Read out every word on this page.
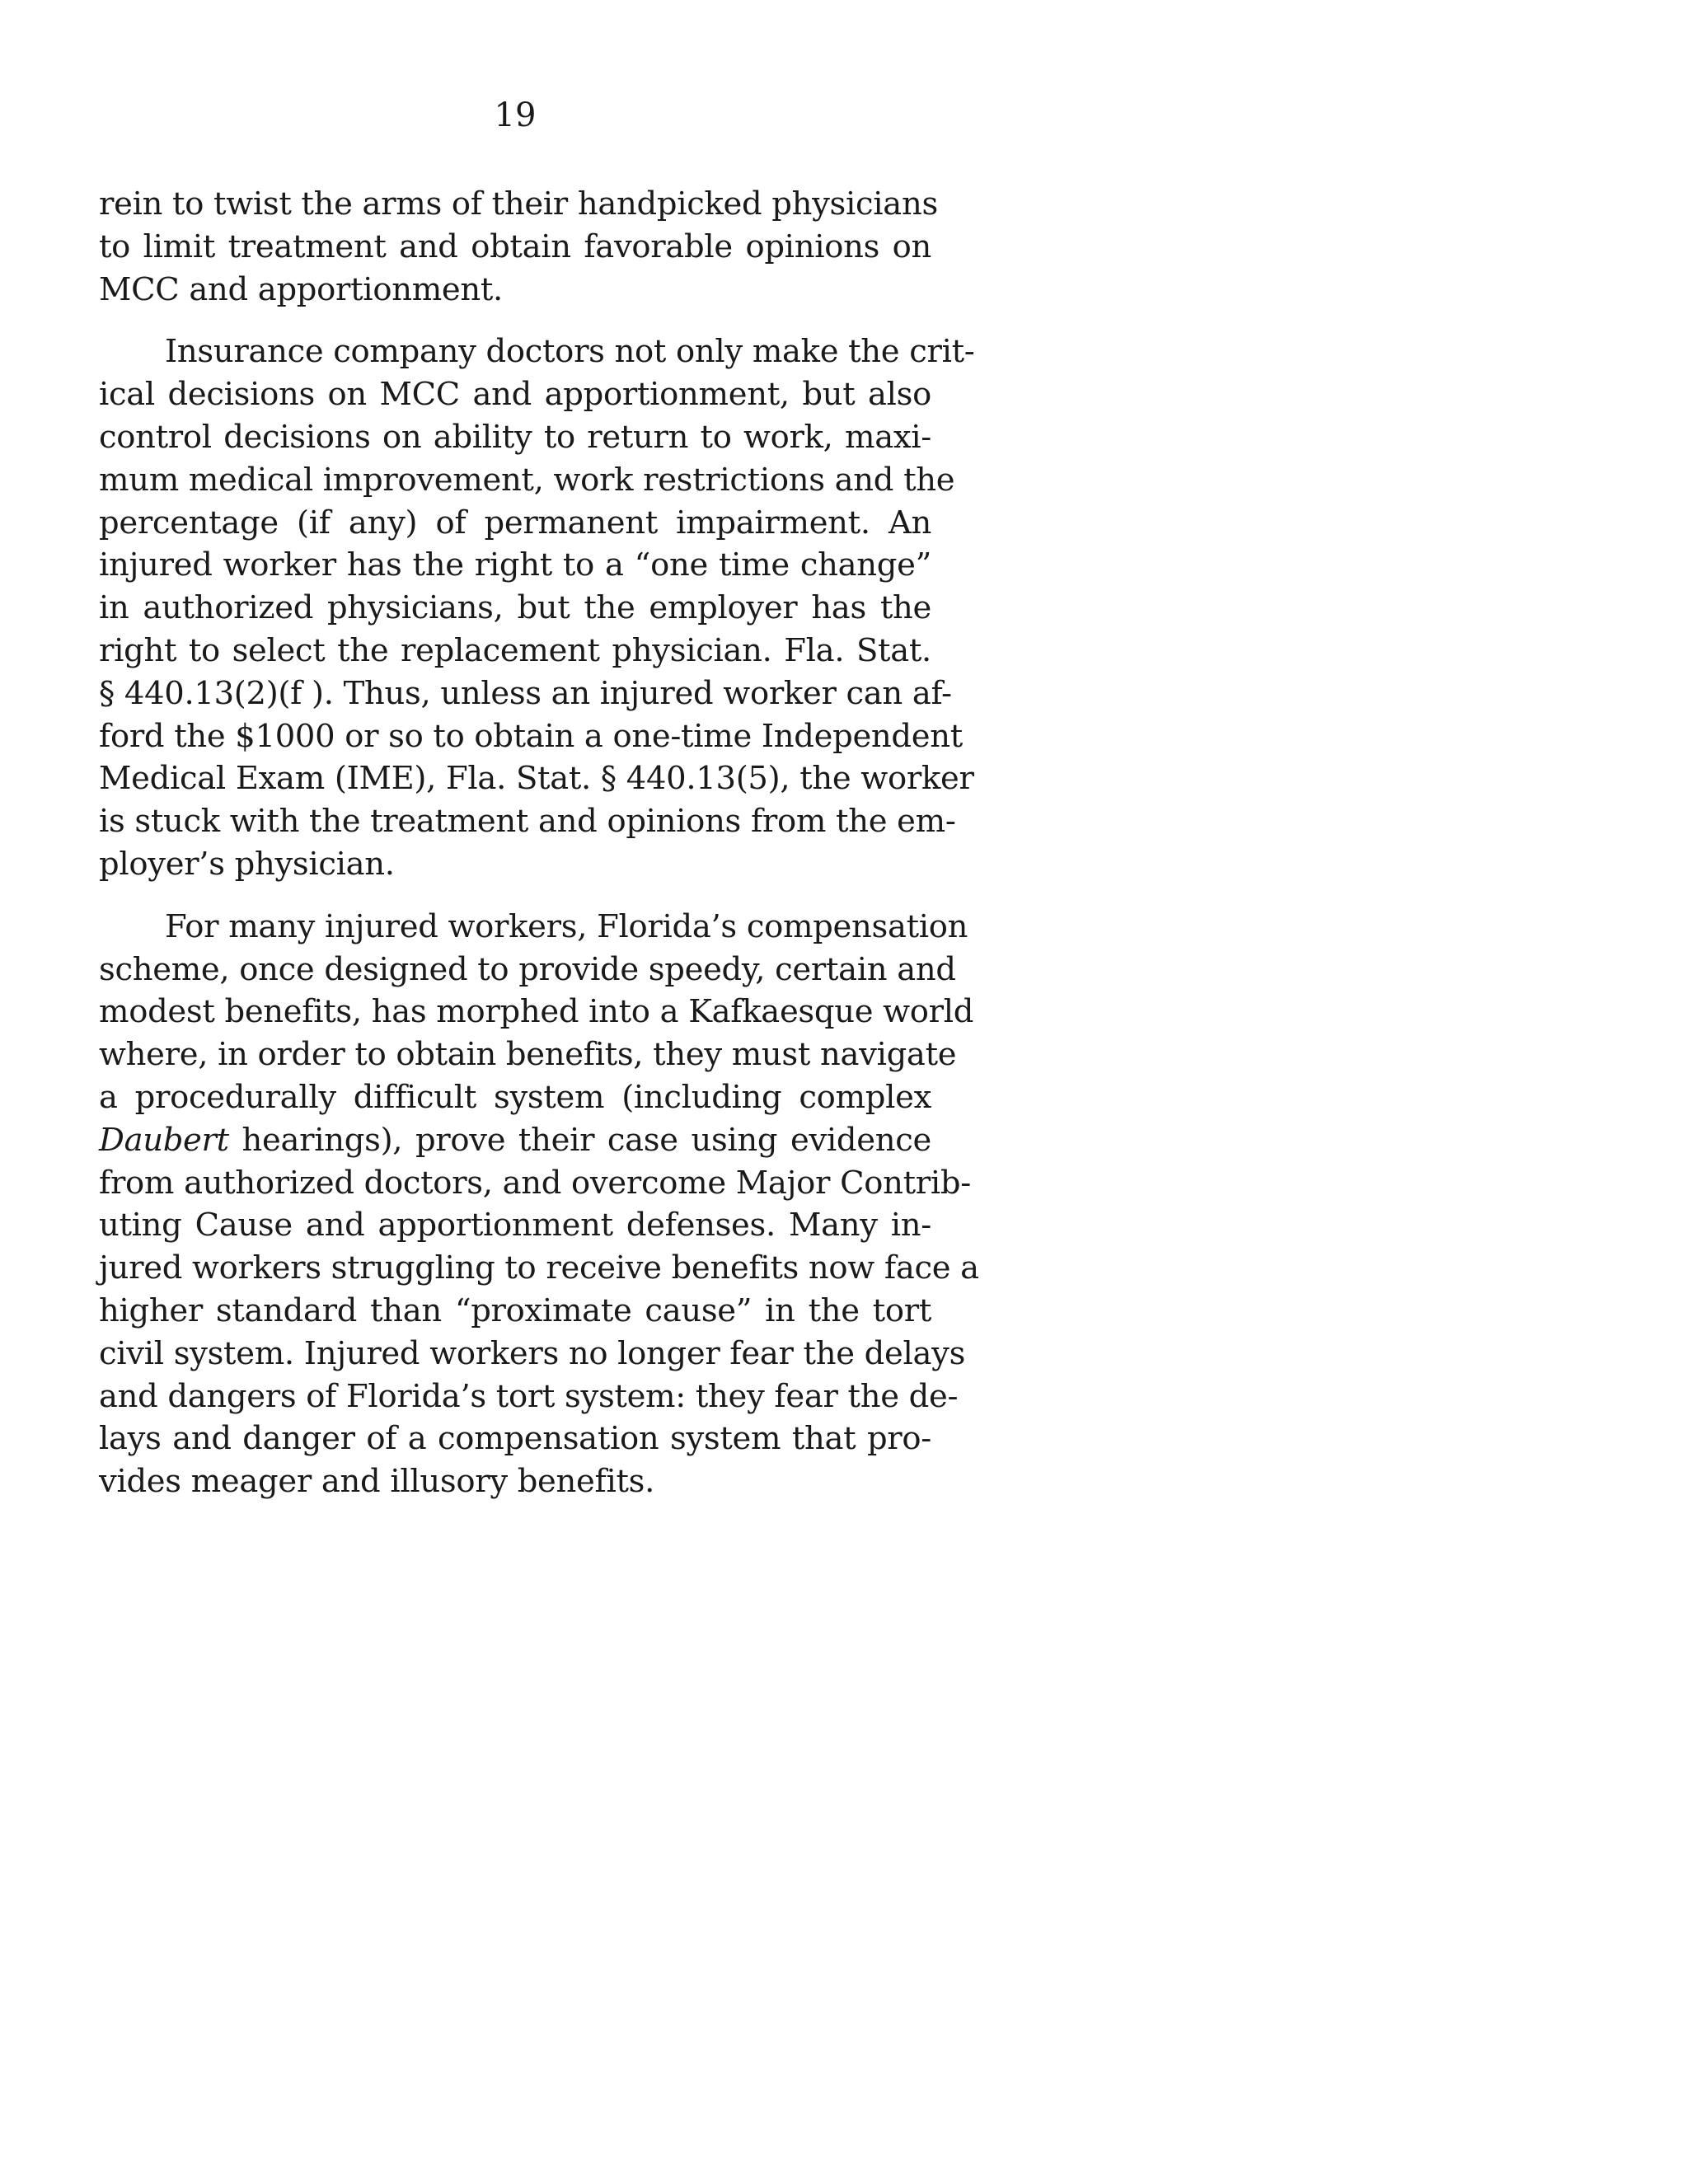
19
rein to twist the arms of their handpicked physicians
to limit treatment and obtain favorable opinions on
MCC and apportionment.
Insurance company doctors not only make the crit-
ical decisions on MCC and apportionment, but also
control decisions on ability to return to work, maxi-
mum medical improvement, work restrictions and the
percentage (if any) of permanent impairment. An
injured worker has the right to a “one time change”
in authorized physicians, but the employer has the
right to select the replacement physician. Fla. Stat.
§ 440.13(2)(f ). Thus, unless an injured worker can af-
ford the $1000 or so to obtain a one-time Independent
Medical Exam (IME), Fla. Stat. § 440.13(5), the worker
is stuck with the treatment and opinions from the em-
ployer’s physician.
For many injured workers, Florida’s compensation
scheme, once designed to provide speedy, certain and
modest benefits, has morphed into a Kafkaesque world
where, in order to obtain benefits, they must navigate
a procedurally difficult system (including complex
Daubert hearings), prove their case using evidence
from authorized doctors, and overcome Major Contrib-
uting Cause and apportionment defenses. Many in-
jured workers struggling to receive benefits now face a
higher standard than “proximate cause” in the tort
civil system. Injured workers no longer fear the delays
and dangers of Florida’s tort system: they fear the de-
lays and danger of a compensation system that pro-
vides meager and illusory benefits.
